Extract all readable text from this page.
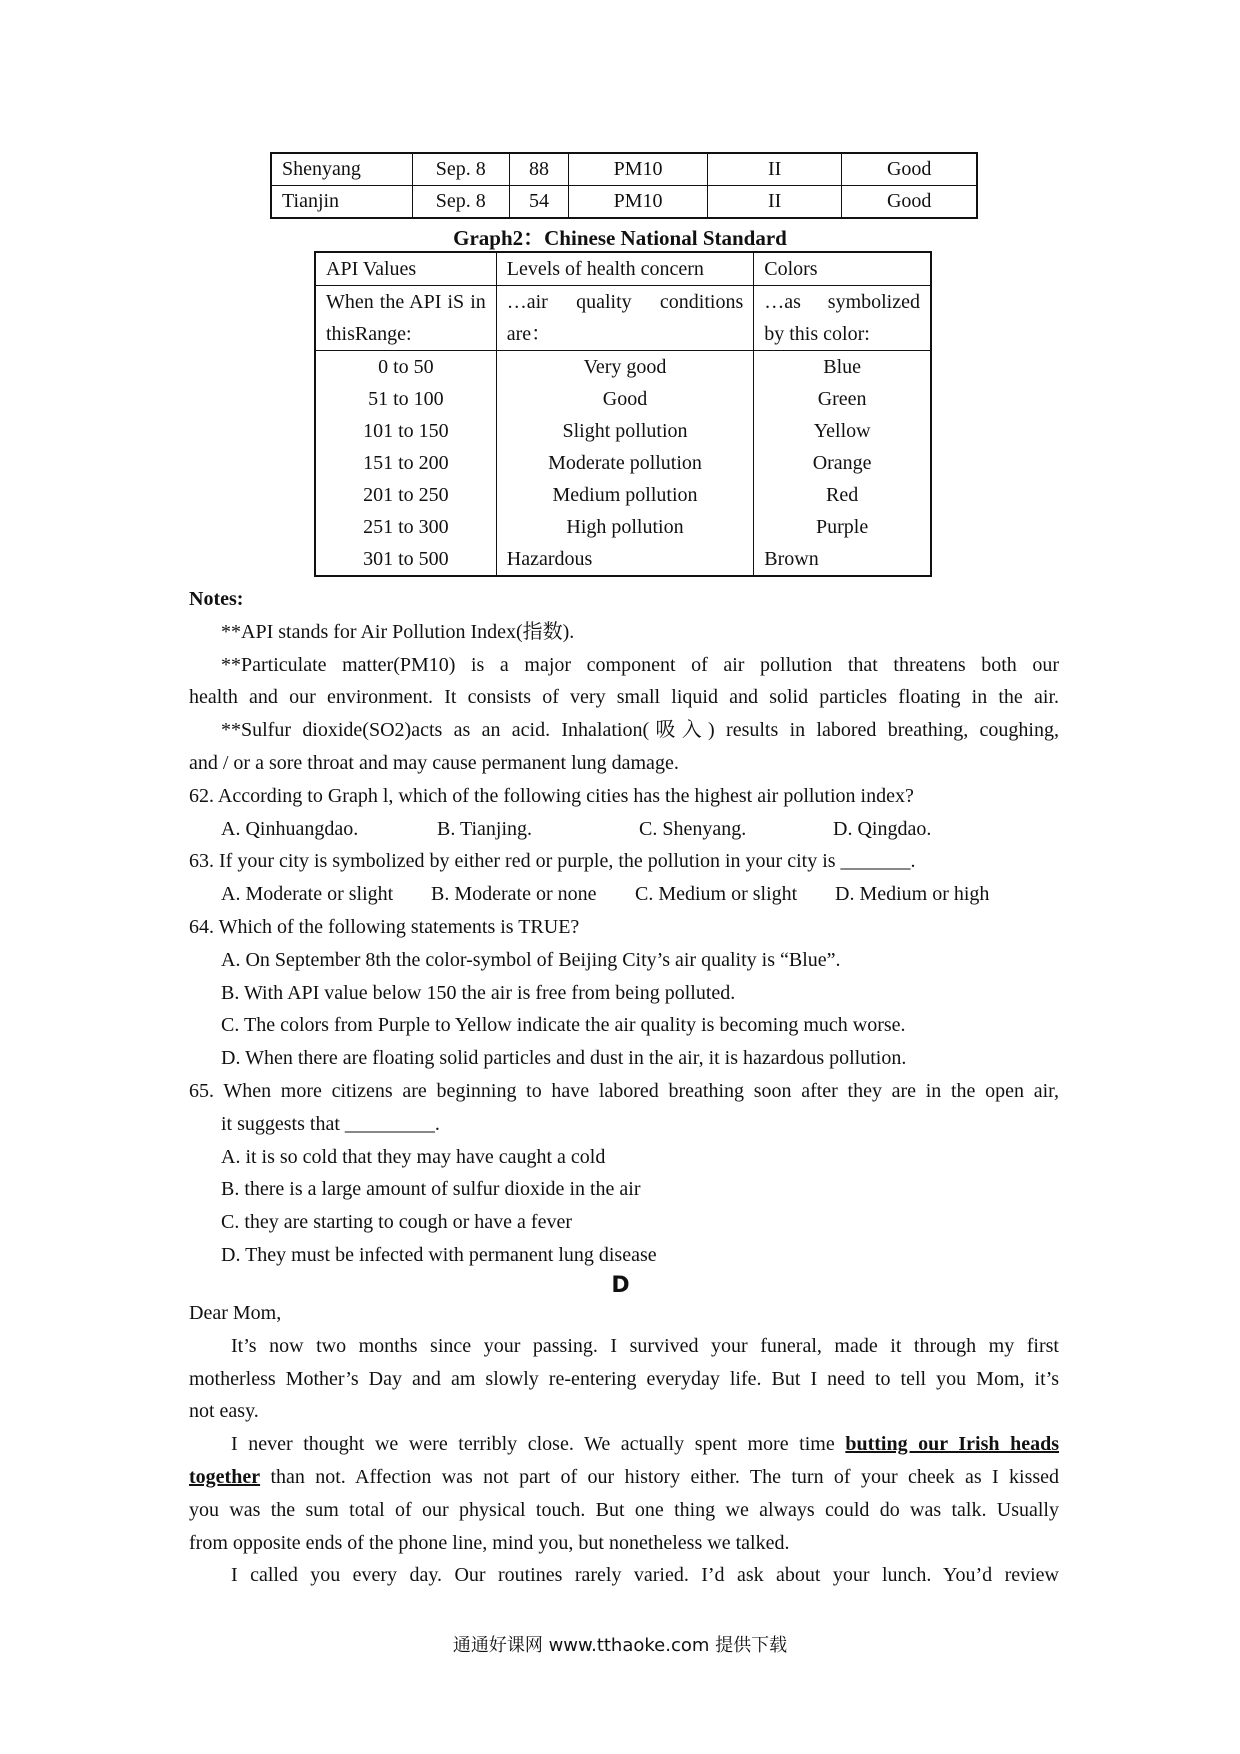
Shenyang	Sep. 8	88	PM10	II	Good
Tianjin	Sep. 8	54	PM10	II	Good
Graph2：Chinese National Standard
API Values	Levels of health concern	Colors
When the API iS in thisRange:	…air quality conditions are：	…as symbolized by this color:
0 to 50	Very good	Blue
51 to 100	Good	Green
101 to 150	Slight pollution	Yellow
151 to 200	Moderate pollution	Orange
201 to 250	Medium pollution	Red
251 to 300	High pollution	Purple
301 to 500	Hazardous	Brown
Notes:
**API stands for Air Pollution Index(指数).
**Particulate matter(PM10) is a major component of air pollution that threatens both our
health and our environment. It consists of very small liquid and solid particles floating in the air.
**Sulfur dioxide(SO2)acts as an acid. Inhalation(吸入) results in labored breathing, coughing,
and / or a sore throat and may cause permanent lung damage.
62. According to Graph l, which of the following cities has the highest air pollution index?
A. Qinhuangdao.	B. Tianjing.	C. Shenyang.	D. Qingdao.
63. If your city is symbolized by either red or purple, the pollution in your city is _______.
A. Moderate or slight	B. Moderate or none	C. Medium or slight	D. Medium or high
64. Which of the following statements is TRUE?
A. On September 8th the color-symbol of Beijing City’s air quality is “Blue”.
B. With API value below 150 the air is free from being polluted.
C. The colors from Purple to Yellow indicate the air quality is becoming much worse.
D. When there are floating solid particles and dust in the air, it is hazardous pollution.
65. When more citizens are beginning to have labored breathing soon after they are in the open air,
it suggests that _________.
A. it is so cold that they may have caught a cold
B. there is a large amount of sulfur dioxide in the air
C. they are starting to cough or have a fever
D. They must be infected with permanent lung disease
D
Dear Mom,
It’s now two months since your passing. I survived your funeral, made it through my first
motherless Mother’s Day and am slowly re-entering everyday life. But I need to tell you Mom, it’s
not easy.
I never thought we were terribly close. We actually spent more time butting our Irish heads
together than not. Affection was not part of our history either. The turn of your cheek as I kissed
you was the sum total of our physical touch. But one thing we always could do was talk. Usually
from opposite ends of the phone line, mind you, but nonetheless we talked.
I called you every day. Our routines rarely varied. I’d ask about your lunch. You’d review
通通好课网 www.tthaoke.com 提供下载
